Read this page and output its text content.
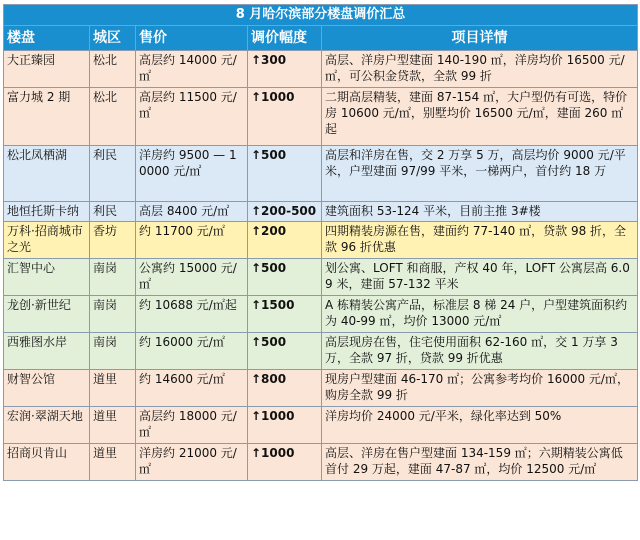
8 月哈尔滨部分楼盘调价汇总				
楼盘	城区	售价	调价幅度	项目详情
大正臻园	松北	高层约 14000 元/㎡	↑300	高层、洋房户型建面 140-190 ㎡，洋房均价 16500 元/㎡，可公积金贷款，全款 99 折
富力城 2 期	松北	高层约 11500 元/㎡	↑1000	二期高层精装，建面 87-154 ㎡，大户型仍有可选，特价房 10600 元/㎡，别墅均价 16500 元/㎡，建面 260 ㎡起
松北凤栖湖	利民	洋房约 9500 — 10000 元/㎡	↑500	高层和洋房在售，交 2 万享 5 万，高层均价 9000 元/平米，户型建面 97/99 平米，一梯两户，首付约 18 万
地恒托斯卡纳	利民	高层 8400 元/㎡	↑200-500	建筑面积 53-124 平米，目前主推 3#楼
万科·招商城市之光	香坊	约 11700 元/㎡	↑200	四期精装房源在售，建面约 77-140 ㎡，贷款 98 折，全款 96 折优惠
汇智中心	南岗	公寓约 15000 元/㎡	↑500	划公寓、LOFT 和商服，产权 40 年，LOFT 公寓层高 6.09 米，建面 57-132 平米
龙创·新世纪	南岗	约 10688 元/㎡起	↑1500	A 栋精装公寓产品，标准层 8 梯 24 户，户型建筑面积约为 40-99 ㎡，均价 13000 元/㎡
西雅图水岸	南岗	约 16000 元/㎡	↑500	高层现房在售，住宅使用面积 62-160 ㎡，交 1 万享 3 万，全款 97 折，贷款 99 折优惠
财智公馆	道里	约 14600 元/㎡	↑800	现房户型建面 46-170 ㎡；公寓参考均价 16000 元/㎡，购房全款 99 折
宏润·翠湖天地	道里	高层约 18000 元/㎡	↑1000	洋房均价 24000 元/平米，绿化率达到 50%
招商贝肯山	道里	洋房约 21000 元/㎡	↑1000	高层、洋房在售户型建面 134-159 ㎡；六期精装公寓低首付 29 万起，建面 47-87 ㎡，均价 12500 元/㎡
